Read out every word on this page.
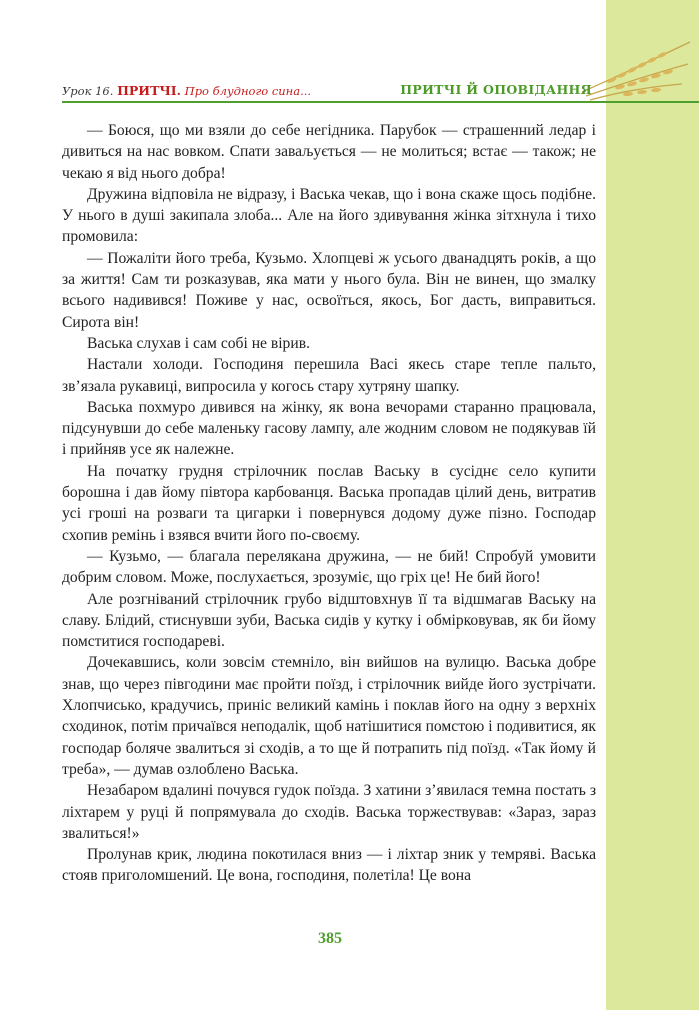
Урок 16. ПРИТЧІ. Про блудного сина...	ПРИТЧІ Й ОПОВІДАННЯ

— Боюся, що ми взяли до себе негідника. Парубок — страшенний ледар і дивиться на нас вовком. Спати заваљується — не молиться; встає — також; не чекаю я від нього добра!

Дружина відповіла не відразу, і Васька чекав, що і вона скаже щось подібне. У нього в душі закипала злоба... Але на його здивування жінка зітхнула і тихо промовила:

— Пожаліти його треба, Кузьмо. Хлопцеві ж усього дванадцять років, а що за життя! Сам ти розказував, яка мати у нього була. Він не винен, що змалку всього надивився! Поживе у нас, освоїться, якось, Бог дасть, виправиться. Сирота він!

Васька слухав і сам собі не вірив.

Настали холоди. Господиня перешила Васі якесь старе тепле пальто, зв’язала рукавиці, випросила у когось стару хутряну шапку.

Васька похмуро дивився на жінку, як вона вечорами старанно працювала, підсунувши до себе маленьку гасову лампу, але жодним словом не подякував їй і прийняв усе як належне.

На початку грудня стрілочник послав Ваську в сусіднє село купити борошна і дав йому півтора карбованця. Васька пропадав цілий день, витратив усі гроші на розваги та цигарки і повернувся додому дуже пізно. Господар схопив ремінь і взявся вчити його по-своєму.

— Кузьмо, — благала перелякана дружина, — не бий! Спробуй умовити добрим словом. Може, послухається, зрозуміє, що гріх це! Не бий його!

Але розгніваний стрілочник грубо відштовхнув її та відшмагав Ваську на славу. Блідий, стиснувши зуби, Васька сидів у кутку і обмірковував, як би йому помститися господареві.

Дочекавшись, коли зовсім стемніло, він вийшов на вулицю. Васька добре знав, що через півгодини має пройти поїзд, і стрілочник вийде його зустрічати. Хлопчисько, крадучись, приніс великий камінь і поклав його на одну з верхніх сходинок, потім причаївся неподалік, щоб натішитися помстою і подивитися, як господар боляче звалиться зі сходів, а то ще й потрапить під поїзд. «Так йому й треба», — думав озлоблено Васька.

Незабаром вдалині почувся гудок поїзда. З хатини з’явилася темна постать з ліхтарем у руці й попрямувала до сходів. Васька торжествував: «Зараз, зараз звалиться!»

Пролунав крик, людина покотилася вниз — і ліхтар зник у темряві. Васька стояв приголомшений. Це вона, господиня, полетіла! Це вона

385
